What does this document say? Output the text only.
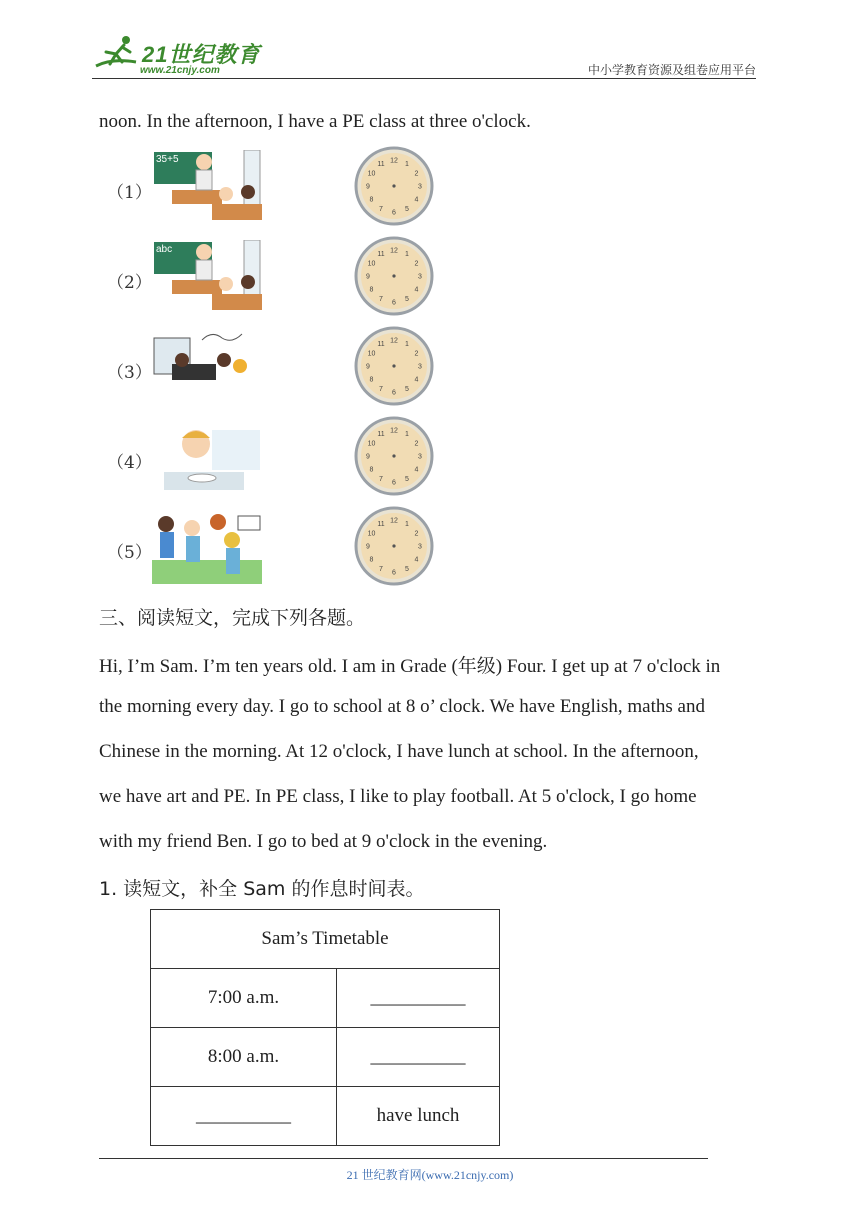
21世纪教育
www.21cnjy.com	中小学教育资源及组卷应用平台
noon. In the afternoon, I have a PE class at three o'clock.
（1）
35+5	12 1
2
3
4
5
6
7
8
9
10
11
（2）
abc	12 1
2
3
4
5
6
7
8
9
10
11
（3）
12 1
2
3
4
5
6
7
8
9
10
11
（4）
12 1
2
3
4
5
6
7
8
9
10
11
（5）
12 1
2
3
4
5
6
7
8
9
10
11
三、阅读短文，完成下列各题。
Hi, I’m Sam. I’m ten years old. I am in Grade (年级) Four. I get up at 7 o'clock in
the morning every day. I go to school at 8 o’ clock. We have English, maths and
Chinese in the morning. At 12 o'clock, I have lunch at school. In the afternoon,
we have art and PE. In PE class, I like to play football. At 5 o'clock, I go home
with my friend Ben. I go to bed at 9 o'clock in the evening.
1. 读短文，补全 Sam 的作息时间表。
Sam’s Timetable	
7:00 a.m.	__________
8:00 a.m.	__________
__________	have lunch
21 世纪教育网(www.21cnjy.com)
